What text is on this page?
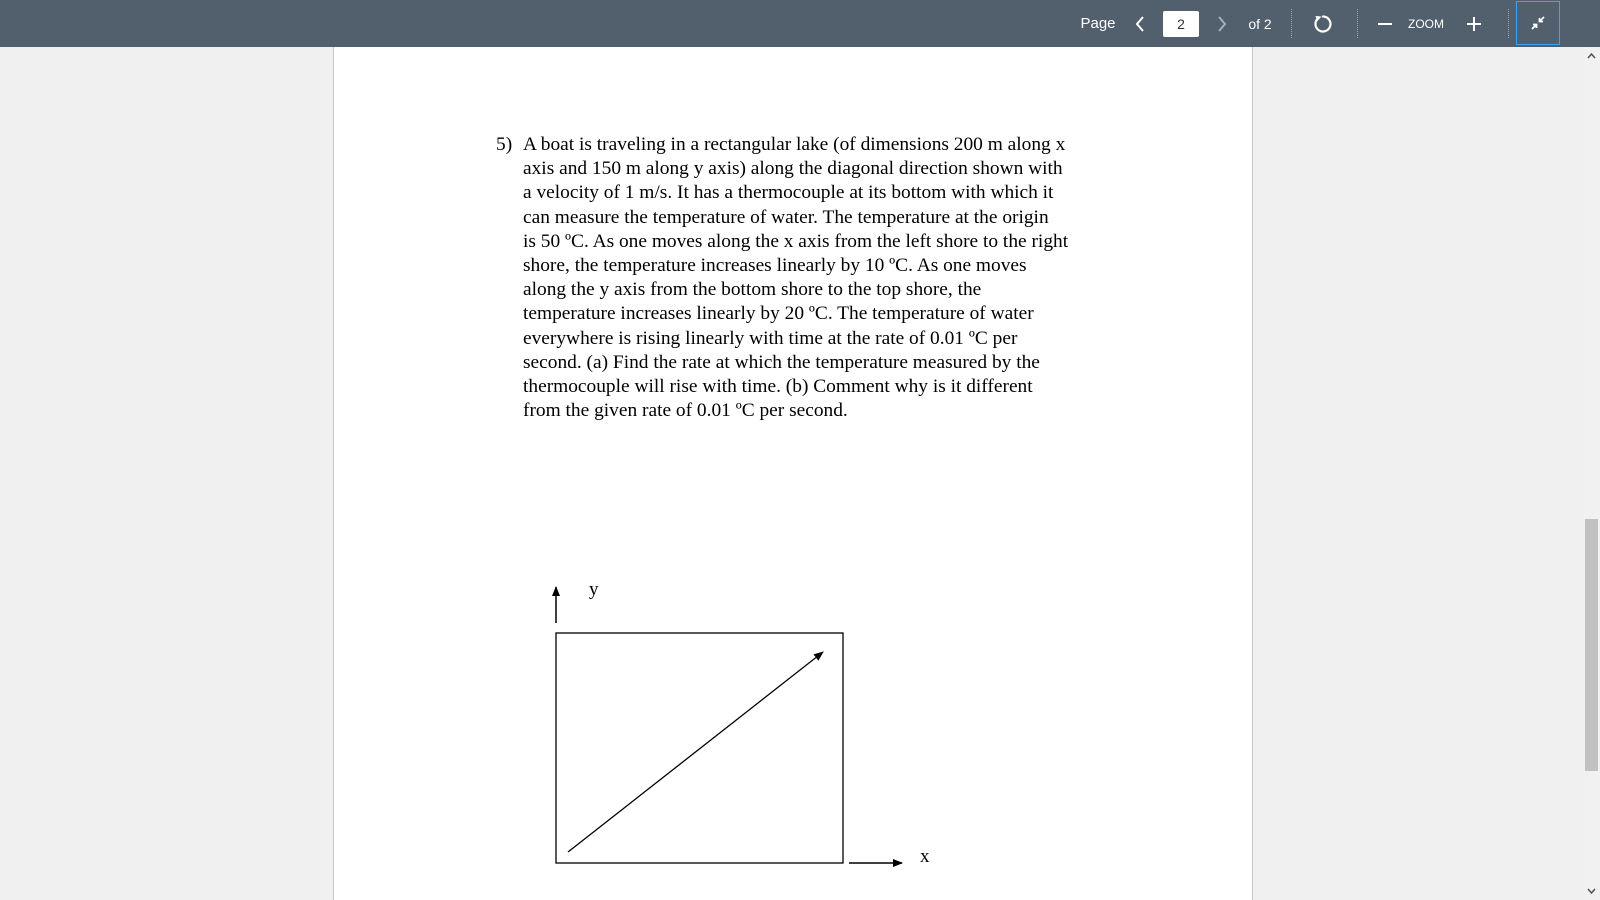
Page
2	of 2	ZOOM
5) A boat is traveling in a rectangular lake (of dimensions 200 m along x
axis and 150 m along y axis) along the diagonal direction shown with
a velocity of 1 m/s. It has a thermocouple at its bottom with which it
can measure the temperature of water. The temperature at the origin
is 50 ºC. As one moves along the x axis from the left shore to the right
shore, the temperature increases linearly by 10 ºC. As one moves
along the y axis from the bottom shore to the top shore, the
temperature increases linearly by 20 ºC. The temperature of water
everywhere is rising linearly with time at the rate of 0.01 ºC per
second. (a) Find the rate at which the temperature measured by the
thermocouple will rise with time. (b) Comment why is it different
from the given rate of 0.01 ºC per second.
y
x
